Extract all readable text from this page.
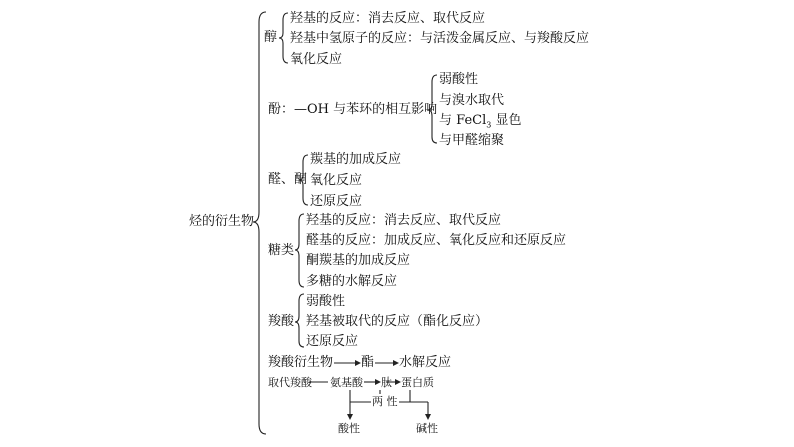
烃的衍生物
醇
羟基的反应：消去反应、取代反应
羟基中氢原子的反应：与活泼金属反应、与羧酸反应
氧化反应
酚：—OH 与苯环的相互影响
弱酸性
与溴水取代
与 FeCl$_3$ 显色
与甲醛缩聚
醛、酮
羰基的加成反应
氧化反应
还原反应
糖类
羟基的反应：消去反应、取代反应
醛基的反应：加成反应、氧化反应和还原反应
酮羰基的加成反应
多糖的水解反应
羧酸
弱酸性
羟基被取代的反应（酯化反应）
还原反应
羧酸衍生物 酯 水解反应
取代羧酸 氨基酸 肽 蛋白质
两 性
酸性	碱性
